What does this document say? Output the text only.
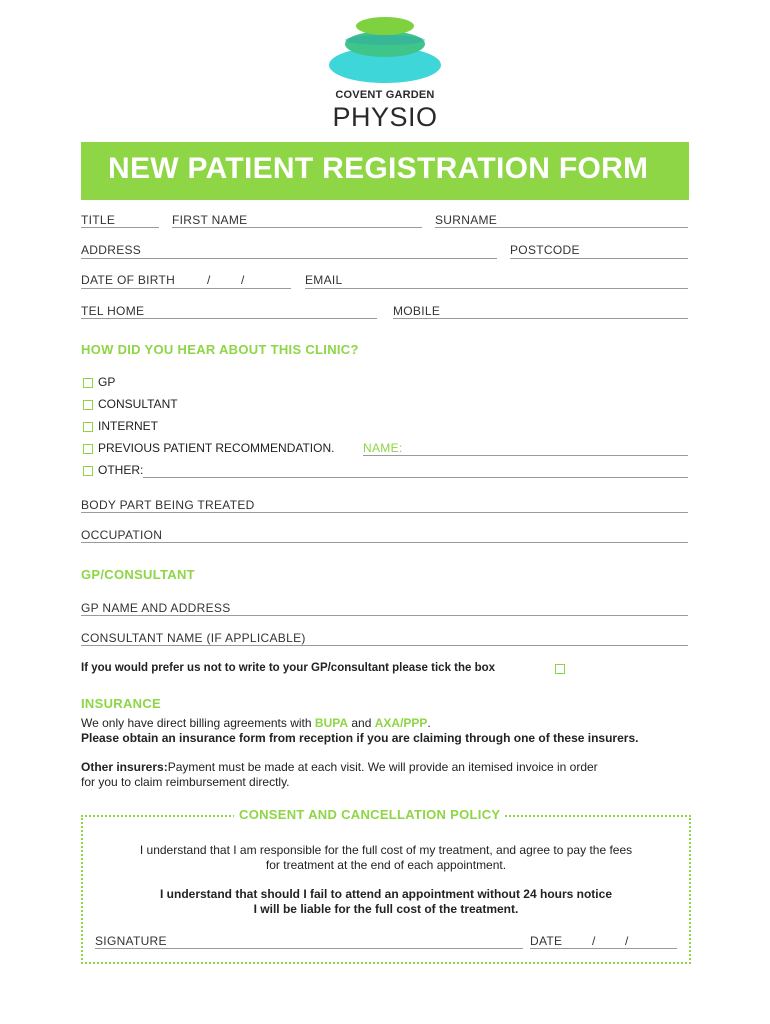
COVENT GARDEN
PHYSIO
NEW PATIENT REGISTRATION FORM
TITLE	FIRST NAME	SURNAME
ADDRESS	POSTCODE
DATE OF BIRTH	/	/	EMAIL
TEL HOME	MOBILE
HOW DID YOU HEAR ABOUT THIS CLINIC?
GP
CONSULTANT
INTERNET
PREVIOUS PATIENT RECOMMENDATION. NAME:
OTHER:
BODY PART BEING TREATED
OCCUPATION
GP/CONSULTANT
GP NAME AND ADDRESS
CONSULTANT NAME (IF APPLICABLE)
If you would prefer us not to write to your GP/consultant please tick the box
INSURANCE
We only have direct billing agreements with BUPA and AXA/PPP.
Please obtain an insurance form from reception if you are claiming through one of these insurers.
Other insurers:Payment must be made at each visit. We will provide an itemised invoice in order
for you to claim reimbursement directly.
CONSENT AND CANCELLATION POLICY
I understand that I am responsible for the full cost of my treatment, and agree to pay the fees
for treatment at the end of each appointment.
I understand that should I fail to attend an appointment without 24 hours notice
I will be liable for the full cost of the treatment.
SIGNATURE	DATE / /
